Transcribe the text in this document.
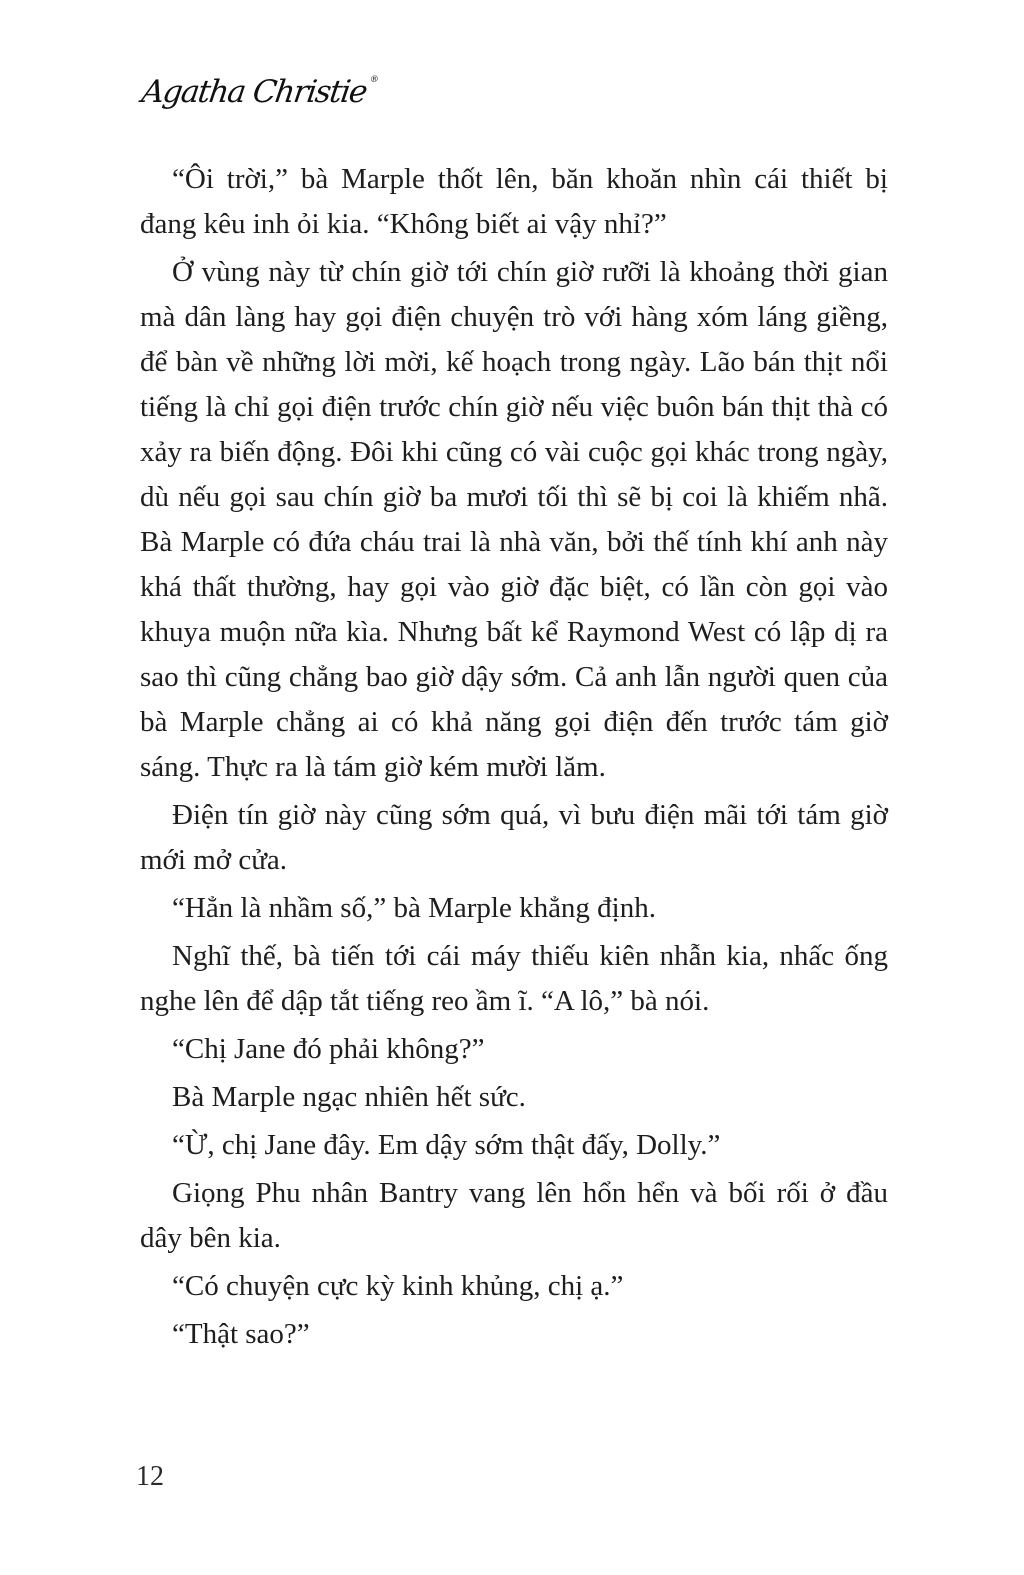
Agatha Christie®

“Ôi trời,” bà Marple thốt lên, băn khoăn nhìn cái thiết bị đang kêu inh ỏi kia. “Không biết ai vậy nhỉ?”

Ở vùng này từ chín giờ tới chín giờ rưỡi là khoảng thời gian mà dân làng hay gọi điện chuyện trò với hàng xóm láng giềng, để bàn về những lời mời, kế hoạch trong ngày. Lão bán thịt nổi tiếng là chỉ gọi điện trước chín giờ nếu việc buôn bán thịt thà có xảy ra biến động. Đôi khi cũng có vài cuộc gọi khác trong ngày, dù nếu gọi sau chín giờ ba mươi tối thì sẽ bị coi là khiếm nhã. Bà Marple có đứa cháu trai là nhà văn, bởi thế tính khí anh này khá thất thường, hay gọi vào giờ đặc biệt, có lần còn gọi vào khuya muộn nữa kìa. Nhưng bất kể Raymond West có lập dị ra sao thì cũng chẳng bao giờ dậy sớm. Cả anh lẫn người quen của bà Marple chẳng ai có khả năng gọi điện đến trước tám giờ sáng. Thực ra là tám giờ kém mười lăm.

Điện tín giờ này cũng sớm quá, vì bưu điện mãi tới tám giờ mới mở cửa.

“Hẳn là nhầm số,” bà Marple khẳng định.

Nghĩ thế, bà tiến tới cái máy thiếu kiên nhẫn kia, nhấc ống nghe lên để dập tắt tiếng reo ầm ĩ. “A lô,” bà nói.

“Chị Jane đó phải không?”

Bà Marple ngạc nhiên hết sức.

“Ừ, chị Jane đây. Em dậy sớm thật đấy, Dolly.”

Giọng Phu nhân Bantry vang lên hổn hển và bối rối ở đầu dây bên kia.

“Có chuyện cực kỳ kinh khủng, chị ạ.”

“Thật sao?”

12
